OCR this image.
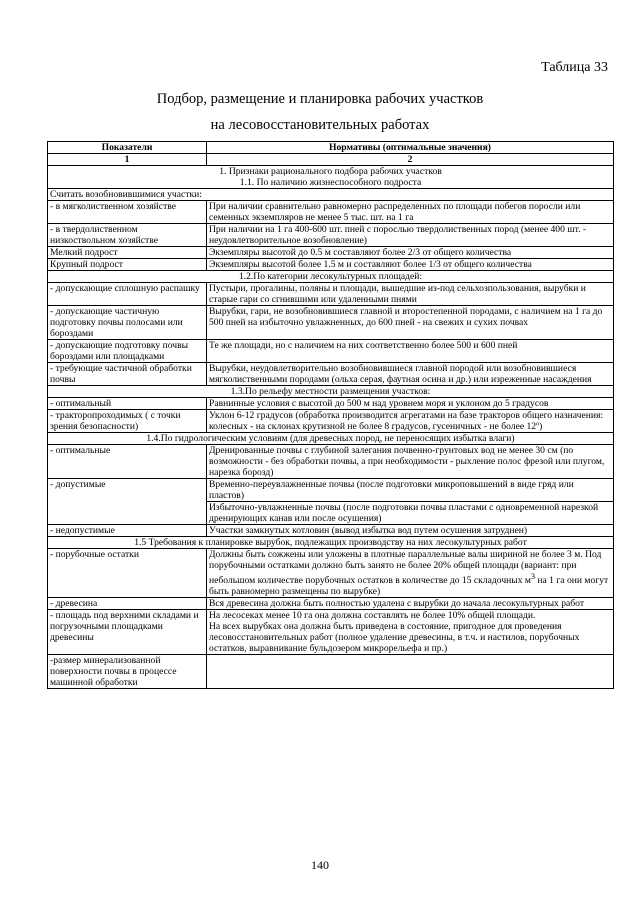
Таблица 33
Подбор, размещение и планировка рабочих участков
на лесовосстановительных работах
Показатели	Нормативы (оптимальные значения)
1	2

1. Признаки рационального подбора рабочих участков
1.1. По наличию жизнеспособного подроста	

Считать возобновившимися участки:	
- в мягколиственном хозяйстве	При наличии сравнительно равномерно распределенных по площади побегов поросли или семенных экземпляров не менее 5 тыс. шт. на 1 га
- в твердолиственном низкоствольном хозяйстве	При наличии на 1 га 400-600 шт. пней с порослью твердолиственных пород (менее 400 шт. - неудовлетворительное возобновление)
Мелкий подрост	Экземпляры высотой до 0.5 м составляют более 2/3 от общего количества
Крупный подрост	Экземпляры высотой более 1.5 м и составляют более 1/3 от общего количества
1.2.По категории лесокультурных площадей:	
- допускающие сплошную распашку	Пустыри, прогалины, поляны и площади, вышедшие из-под сельхозпользования, вырубки и старые гари со сгнившими или удаленными пнями
- допускающие частичную подготовку почвы полосами или бороздами	Вырубки, гари, не возобновившиеся главной и второстепенной породами, с наличием на 1 га до 500 пней на избыточно увлажненных, до 600 пней - на свежих и сухих почвах
- допускающие подготовку почвы бороздами или площадками	Те же площади, но с наличием на них соответственно более 500 и 600 пней
- требующие частичной обработки почвы	Вырубки, неудовлетворительно возобновившиеся главной породой или возобновившиеся мягколиственными породами (ольха серая, фаутная осина и др.) или изреженные насаждения
1.3.По рельефу местности размещения участков:	
- оптимальный	Равнинные условия с высотой до 500 м над уровнем моря и уклоном до 5 градусов
- тракторопроходимых ( с точки зрения безопасности)	Уклон 6-12 градусов (обработка производится агрегатами на базе тракторов общего назначения: колесных - на склонах крутизной не более 8 градусов, гусеничных - не более 12º)
1.4.По гидрологическим условиям (для древесных пород, не переносящих избытка влаги)	
- оптимальные	Дренированные почвы с глубиной залегания почвенно-грунтовых вод не менее 30 см (по возможности - без обработки почвы, а при необходимости - рыхление полос фрезой или плугом, нарезка борозд)
- допустимые	Временно-переувлажненные почвы (после подготовки микроповышений в виде гряд или пластов)
	Избыточно-увлажненные почвы (после подготовки почвы пластами с одновременной нарезкой дренирующих канав или после осушения)
- недопустимые	Участки замкнутых котловин (вывод избытка вод путем осушения затруднен)
1.5 Требования к планировке вырубок, подлежащих производству на них лесокультурных работ	
- порубочные остатки	Должны быть сожжены или уложены в плотные параллельные валы шириной не более 3 м. Под порубочными остатками должно быть занято не более 20% общей площади (вариант: при небольшом количестве порубочных остатков в количестве до 15 складочных $м^3$ на 1 га они могут быть равномерно размещены по вырубке)
- древесина	Вся древесина должна быть полностью удалена с вырубки до начала лесокультурных работ
- площадь под верхними складами и погрузочными площадками древесины	На лесосеках менее 10 га она должна составлять не более 10% общей площади.
На всех вырубках она должна быть приведена в состояние, пригодное для проведения лесовосстановительных работ (полное удаление древесины, в т.ч. и настилов, порубочных остатков, выравнивание бульдозером микрорельефа и пр.)

-размер минерализованной поверхности почвы в процессе машинной обработки	
140
